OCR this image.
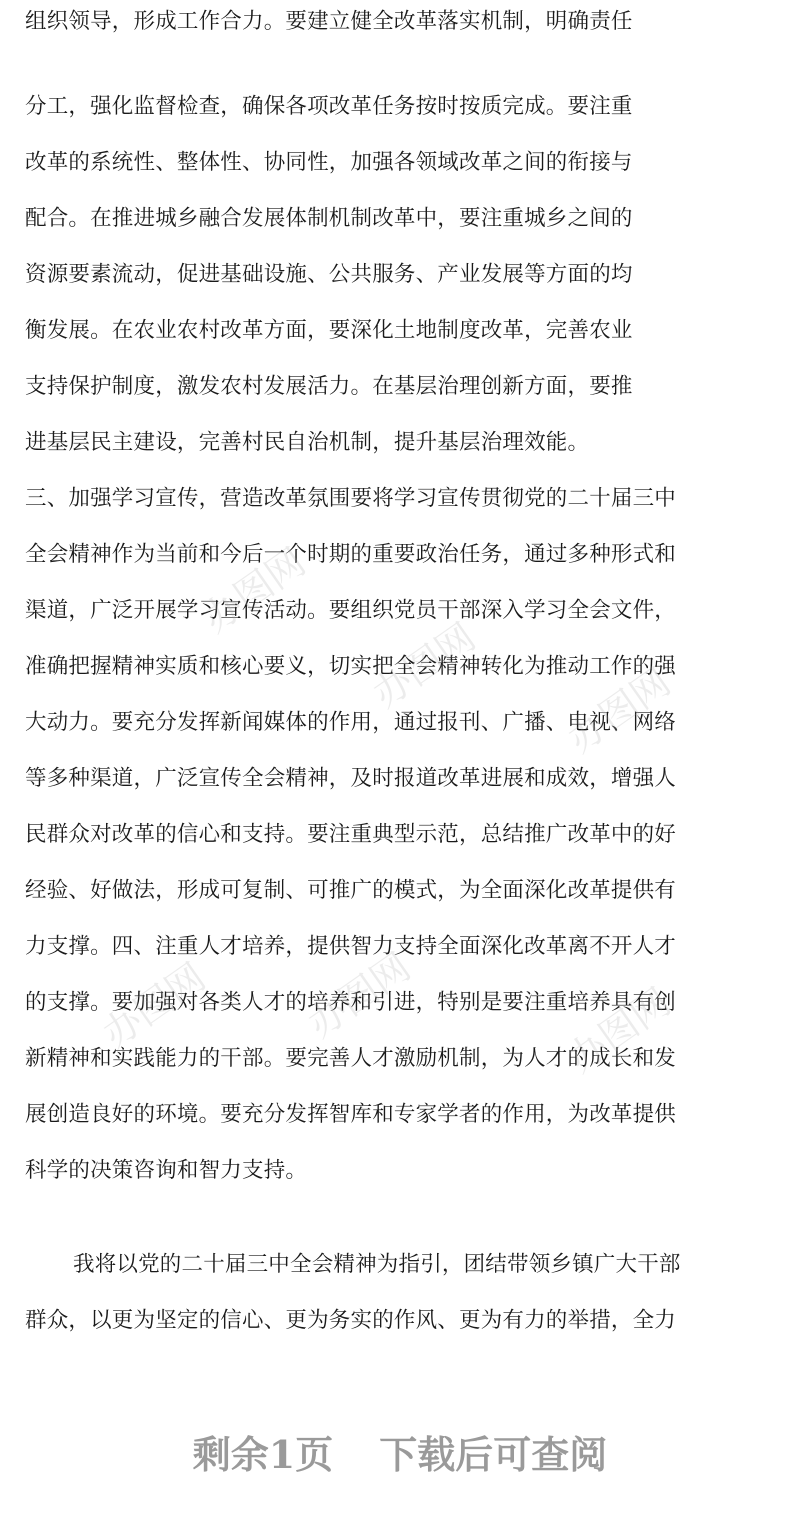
组织领导，形成工作合力。要建立健全改革落实机制，明确责任
分工，强化监督检查，确保各项改革任务按时按质完成。要注重
改革的系统性、整体性、协同性，加强各领域改革之间的衔接与
配合。在推进城乡融合发展体制机制改革中，要注重城乡之间的
资源要素流动，促进基础设施、公共服务、产业发展等方面的均
衡发展。在农业农村改革方面，要深化土地制度改革，完善农业
支持保护制度，激发农村发展活力。在基层治理创新方面，要推
进基层民主建设，完善村民自治机制，提升基层治理效能。
三、加强学习宣传，营造改革氛围要将学习宣传贯彻党的二十届三中
全会精神作为当前和今后一个时期的重要政治任务，通过多种形式和
渠道，广泛开展学习宣传活动。要组织党员干部深入学习全会文件，
准确把握精神实质和核心要义，切实把全会精神转化为推动工作的强
大动力。要充分发挥新闻媒体的作用，通过报刊、广播、电视、网络
等多种渠道，广泛宣传全会精神，及时报道改革进展和成效，增强人
民群众对改革的信心和支持。要注重典型示范，总结推广改革中的好
经验、好做法，形成可复制、可推广的模式，为全面深化改革提供有
力支撑。四、注重人才培养，提供智力支持全面深化改革离不开人才
的支撑。要加强对各类人才的培养和引进，特别是要注重培养具有创
新精神和实践能力的干部。要完善人才激励机制，为人才的成长和发
展创造良好的环境。要充分发挥智库和专家学者的作用，为改革提供
科学的决策咨询和智力支持。
我将以党的二十届三中全会精神为指引，团结带领乡镇广大干部
群众，以更为坚定的信心、更为务实的作风、更为有力的举措，全力
办图网
办图网 办图网
办图网 办图网	办图网
剩余1页 下载后可查阅
